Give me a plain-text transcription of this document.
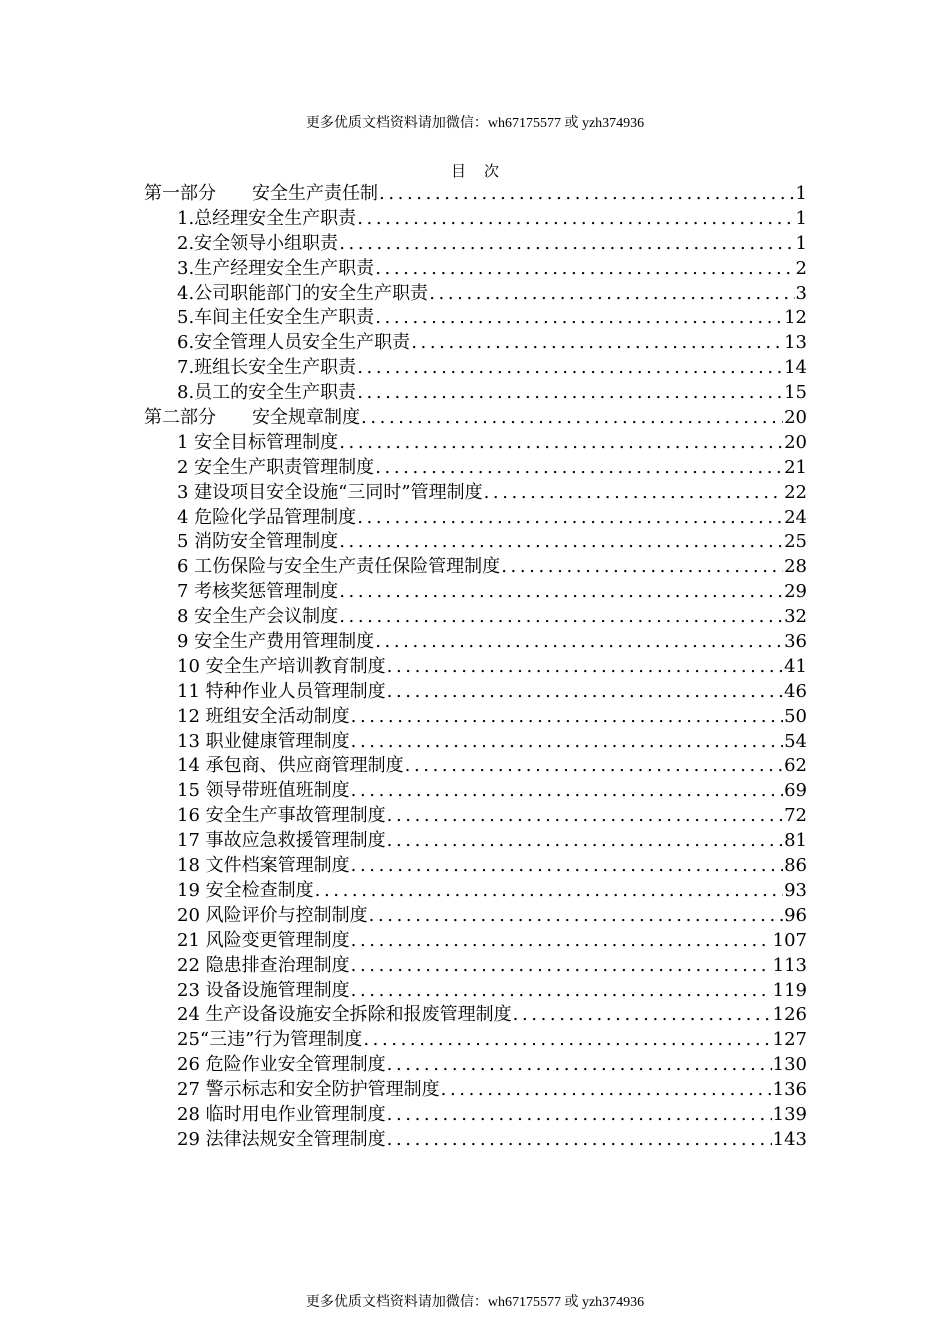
更多优质文档资料请加微信：wh67175577 或 yzh374936
目次
第一部分　　安全生产责任制 .....	1
1.总经理安全生产职责 .....	1
2.安全领导小组职责 .....	1
3.生产经理安全生产职责 .....	2
4.公司职能部门的安全生产职责 .....	3
5.车间主任安全生产职责 .....	12
6.安全管理人员安全生产职责 .....	13
7.班组长安全生产职责 .....	14
8.员工的安全生产职责 .....	15
第二部分　　安全规章制度 .....	20
1 安全目标管理制度 .....	20
2 安全生产职责管理制度 .....	21
3 建设项目安全设施“三同时”管理制度 .....	22
4 危险化学品管理制度 .....	24
5 消防安全管理制度 .....	25
6 工伤保险与安全生产责任保险管理制度 .....	28
7 考核奖惩管理制度 .....	29
8 安全生产会议制度 .....	32
9 安全生产费用管理制度 .....	36
10 安全生产培训教育制度 .....	41
11 特种作业人员管理制度 .....	46
12 班组安全活动制度 .....	50
13 职业健康管理制度 .....	54
14 承包商、供应商管理制度 .....	62
15 领导带班值班制度 .....	69
16 安全生产事故管理制度 .....	72
17 事故应急救援管理制度 .....	81
18 文件档案管理制度 .....	86
19 安全检查制度 .....	93
20 风险评价与控制制度 .....	96
21 风险变更管理制度 .....	107
22 隐患排查治理制度 .....	113
23 设备设施管理制度 .....	119
24 生产设备设施安全拆除和报废管理制度 .....	126
25“三违”行为管理制度 .....	127
26 危险作业安全管理制度 .....	130
27 警示标志和安全防护管理制度 .....	136
28 临时用电作业管理制度 .....	139
29 法律法规安全管理制度 .....	143
更多优质文档资料请加微信：wh67175577 或 yzh374936
